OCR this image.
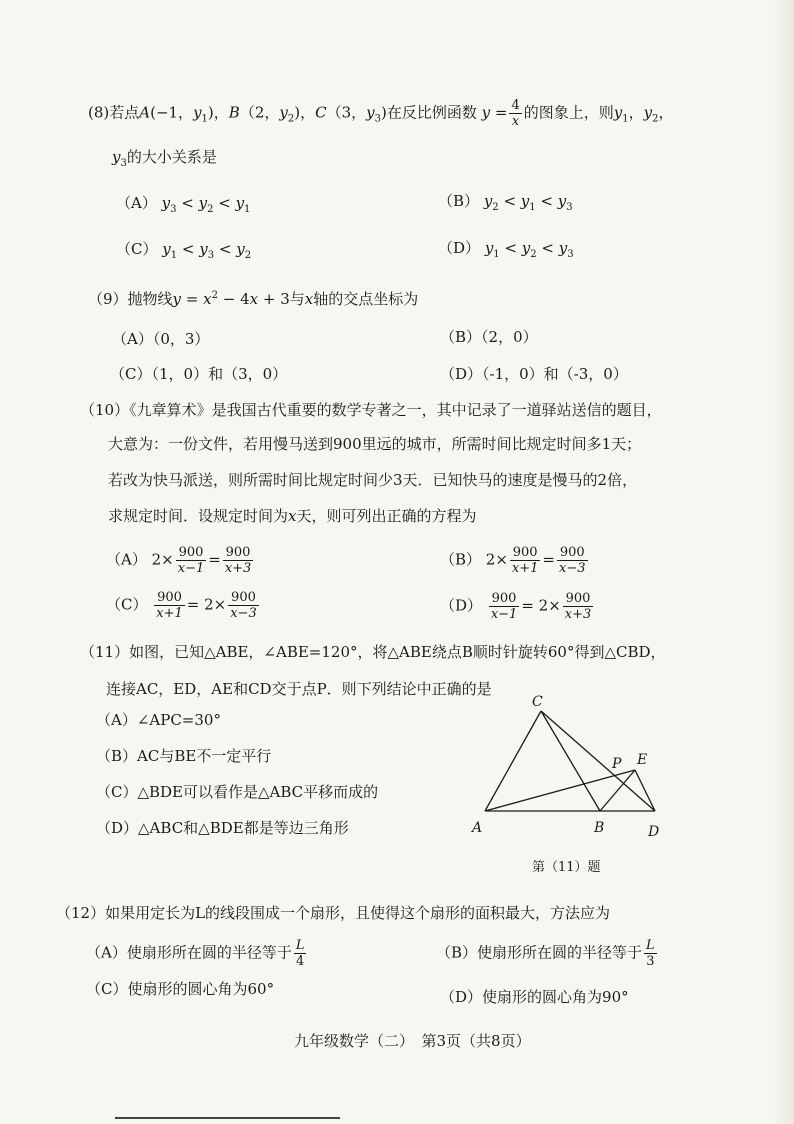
(8)若点A(−1，$y_1$)，B（2，$y_2$)，C（3，$y_3$)在反比例函数 $y = \frac{4}{x}$ 的图象上，则$y_1$，$y_2$，
$y_3$的大小关系是
（A） $y_3 < y_2 < y_1$	（B） $y_2 < y_1 < y_3$
（C） $y_1 < y_3 < y_2$	（D） $y_1 < y_2 < y_3$
（9）抛物线$y = x^2 - 4x + 3$与x轴的交点坐标为
（A）（0，3）	（B）（2，0）
（C）（1，0）和（3，0）	（D）（-1，0）和（-3，0）
（10）《九章算术》是我国古代重要的数学专著之一，其中记录了一道驿站送信的题目，
大意为：一份文件，若用慢马送到900里远的城市，所需时间比规定时间多1天；
若改为快马派送，则所需时间比规定时间少3天．已知快马的速度是慢马的2倍，
求规定时间．设规定时间为x天，则可列出正确的方程为
（A） $2\times \frac{900}{x-1} = \frac{900}{x+3}$	（B） $2\times \frac{900}{x+1} = \frac{900}{x-3}$
$(C) \frac{900}{x+1} = 2\times \frac{900}{x-3}$	$(D) \frac{900}{x-1} = 2\times \frac{900}{x+3}$
（11）如图，已知△ABE，∠ABE=120°，将△ABE绕点B顺时针旋转60°得到△CBD，
连接AC，ED，AE和CD交于点P．则下列结论中正确的是
（A）∠APC=30°
（B）AC与BE不一定平行
（C）△BDE可以看作是△ABC平移而成的
（D）△ABC和△BDE都是等边三角形	A	B
C
D
E
P
第（11）题
（12）如果用定长为L的线段围成一个扇形，且使得这个扇形的面积最大，方法应为
（A）使扇形所在圆的半径等于 $\frac{L}{4}$	（B）使扇形所在圆的半径等于 $\frac{L}{3}$
（C）使扇形的圆心角为60°	（D）使扇形的圆心角为90°
九年级数学（二）　第3页（共8页）
